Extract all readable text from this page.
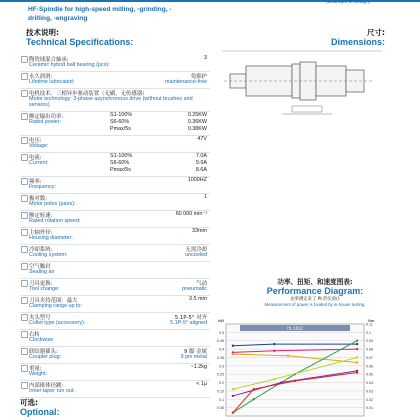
HF-Spindle for high-speed milling, -grinding, -drilling, -engraving
(Example of design)
技术说明:
Technical Specifications:
尺寸:
Dimensions:
陶瓷球混合轴承:	3
Ceramic hybrid ball bearing (pcs):
永久润滑:	免维护
Lifetime lubricated:	maintenance-free
电机技术：三相异步驱动装置（无刷，无传感器）
Motor technology: 3-phase asynchronous drive (without brushes and sensors)
额定输出功率:
Rated power:
S1-100%	0.25KW
S6-60%	0.36KW
Pmax/5s	0.38KW
电压:	47V
Voltage:
电流:
Current:
S1-100%	7.0A
S6-60%	9.9A
Pmax/5s	8.6A
频率:	1000HZ
Frequency:
极对数:	1
Motor poles (pairs):
额定转速:	60 000 min⁻¹
Rated rotation speed:
主轴外径:	33mm
Housing diameter:
冷却系统:	无需冷却
Cooling system:	uncooled
空气触封
Sealing air
刀具更换:	气动
Tool change:	pneumatic
刀具夹持范围：最大	3.5 mm
Clamping range up to:
夹头型号	5.1P-5° 对齐
Collet type (accessory):	5.1P-5° aligned
右转
Clockwise
联结器插头:	9 脚 金属
Coupler plug:	9 pin metal
重量:	~1.2kg
Weight:
内部锥体径跳:	< 1μ
Inner taper run out:
可选:
Optional:
功率、扭矩、和速度图表:
Performance Diagram:
由率测定来了 Pt 的实验()
Measurement of power is funded by in-house testing.
0.5
0.45
0.4
0.35
0.3
0.25
0.2
0.15
0.1
0.05
0.11
0.1
0.09
0.08
0.07
0.06
0.05
0.04
0.03
0.02
0.01
kW	Nm
HL 1612
